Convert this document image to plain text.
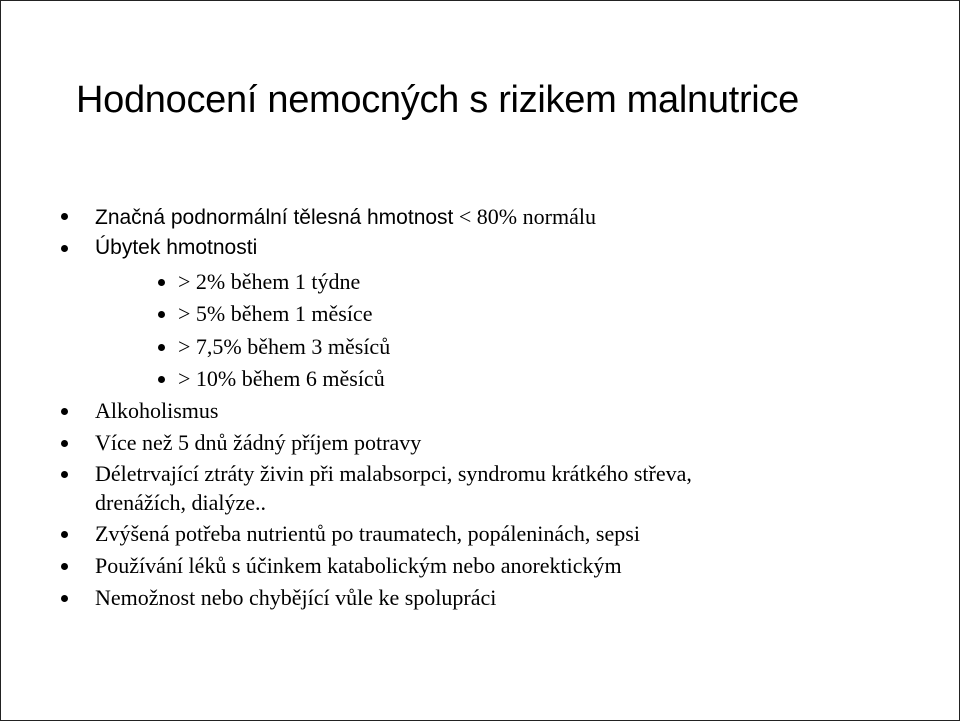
Hodnocení nemocných s rizikem malnutrice
Značná podnormální tělesná hmotnost < 80% normálu
Úbytek hmotnosti
> 2% během 1 týdne
> 5% během 1 měsíce
> 7,5% během 3 měsíců
> 10% během 6 měsíců
Alkoholismus
Více než 5 dnů žádný příjem potravy
Déletrvající ztráty živin při malabsorpci, syndromu krátkého střeva,
drenážích, dialýze..
Zvýšená potřeba nutrientů po traumatech, popáleninách, sepsi
Používání léků s účinkem katabolickým nebo anorektickým
Nemožnost nebo chybějící vůle ke spolupráci
